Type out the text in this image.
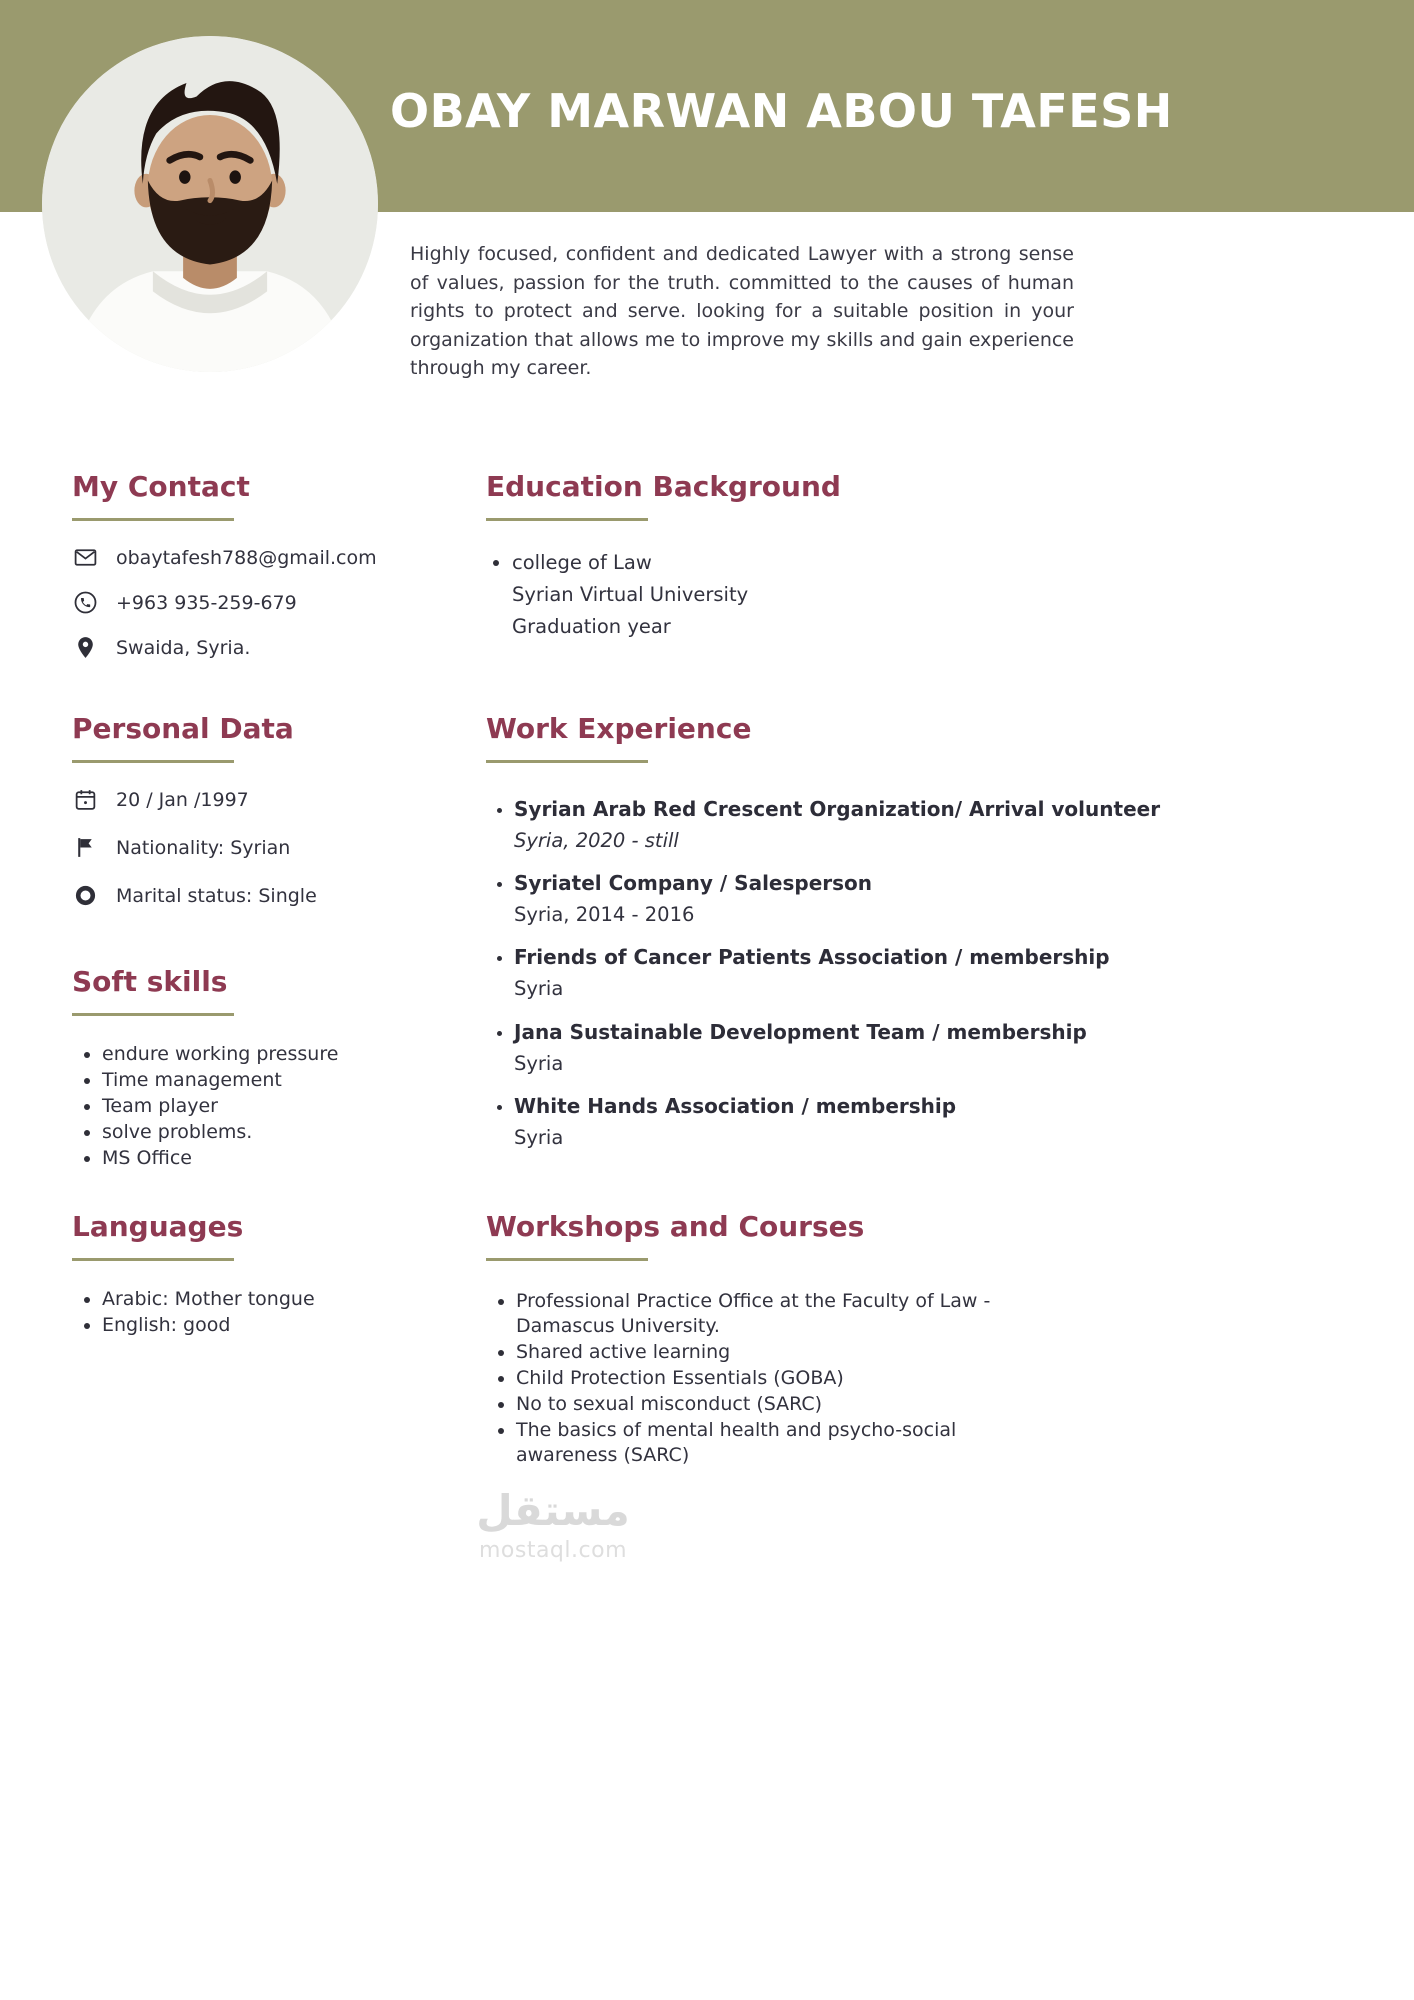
OBAY MARWAN ABOU TAFESH

Highly focused, confident and dedicated Lawyer with a strong sense of values, passion for the truth. committed to the causes of human rights to protect and serve. looking for a suitable position in your organization that allows me to improve my skills and gain experience through my career.

My Contact
obaytafesh788@gmail.com
+963 935-259-679
Swaida, Syria.
Personal Data
20 / Jan /1997
Nationality: Syrian
Marital status: Single
Soft skills
• endure working pressure
• Time management
• Team player
• solve problems.
• MS Office
Languages
• Arabic: Mother tongue
• English: good
Education Background
• college of Law
Syrian Virtual University
Graduation year
Work Experience
• Syrian Arab Red Crescent Organization/ Arrival volunteer
Syria, 2020 - still
• Syriatel Company / Salesperson
Syria, 2014 - 2016
• Friends of Cancer Patients Association / membership
Syria
• Jana Sustainable Development Team / membership
Syria
• White Hands Association / membership
Syria
Workshops and Courses
• Professional Practice Office at the Faculty of Law -Damascus University.
• Shared active learning
• Child Protection Essentials (GOBA)
• No to sexual misconduct (SARC)
• The basics of mental health and psycho-social awareness (SARC)
مستقل
mostaql.com
